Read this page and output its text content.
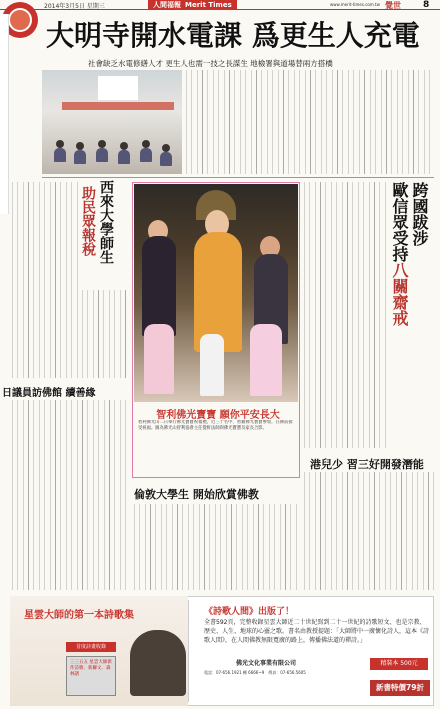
2014年3月5日 星期三	人間福報 Merit Times	www.merit-times.com.tw 覺世 8
大明寺開水電課 爲更生人充電
社會缺乏水電修繕人才 更生人也需一技之長謀生 地檢署與道場替兩方搭橋
跨國跋涉
歐信眾受持八關齋戒
港兒少 習三好開發潛能
西來大學師生
助民眾報稅
日議員訪佛館 續善緣
智利佛光寶寶 願你平安長大
智利佛光山二日舉行佛光寶寶祝福禮，近三十名中、智籍佛光寶寶參加，在佛前接受祝福。圖為佛光山智利協會主任覺軒法師與佛光寶寶及家長合影。
倫敦大學生 開始欣賞佛教
星雲大師的第一本詩歌集
首度詩畫收錄
三三五五 星雲大師新作詩歌．新聯文．森林譜
《詩歌人間》出版了！
全書592頁，完整收錄星雲大師近二十世紀寫到二十一世紀的詩歌短文、也是宗教、歷史、人生、地球的心靈之歌。書名由教授提題：「大師將中一廣懷化詩人，這本《詩歌人間》，在人間佛教無限寬廣的路上，傳播佛法道的禪詩。」
佛光文化事業有限公司
電話：07-656.1921 轉 6666~9　傳真：07-656.5605
精裝本 500元
新書特價79折
